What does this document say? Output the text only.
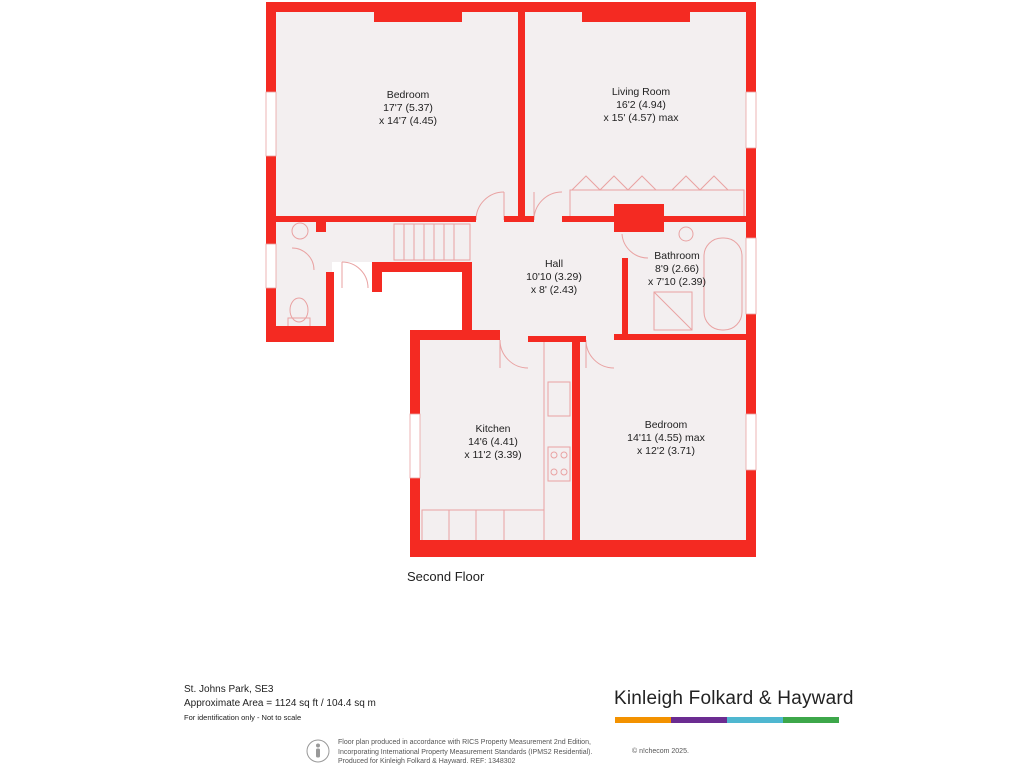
Bedroom
17'7 (5.37)
x 14'7 (4.45)
Living Room
16'2 (4.94)
x 15' (4.57) max
Hall
10'10 (3.29)
x 8' (2.43)
Bathroom
8'9 (2.66)
x 7'10 (2.39)
Kitchen
14'6 (4.41)
x 11'2 (3.39)
Bedroom
14'11 (4.55) max
x 12'2 (3.71)
Second Floor
St. Johns Park, SE3
Approximate Area = 1124 sq ft / 104.4 sq m
For identification only - Not to scale
Kinleigh Folkard & Hayward
Floor plan produced in accordance with RICS Property Measurement 2nd Edition,
Incorporating International Property Measurement Standards (IPMS2 Residential).
Produced for Kinleigh Folkard & Hayward. REF: 1348302
© n!checom 2025.
